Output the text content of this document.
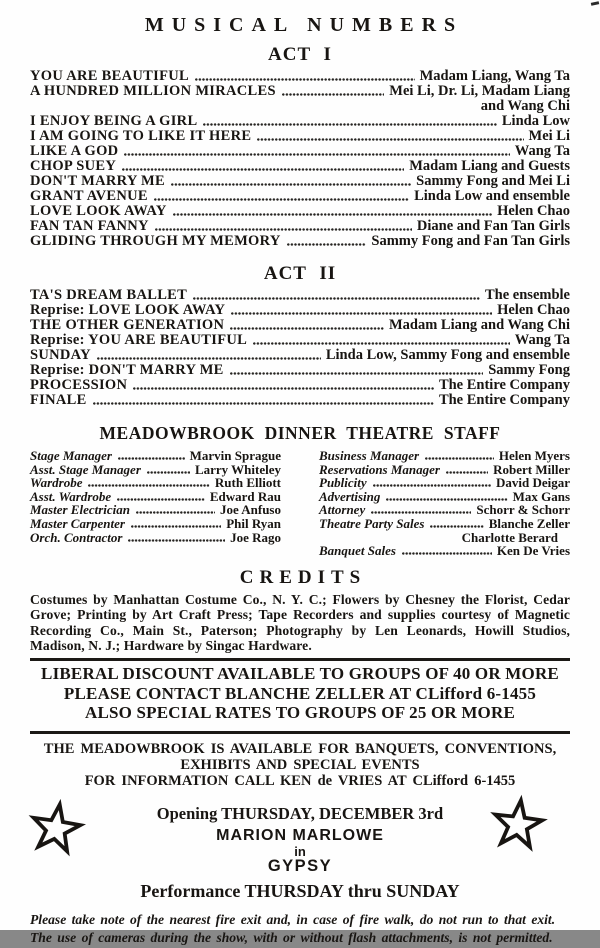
MUSICAL NUMBERS
ACT I
YOU ARE BEAUTIFUL	Madam Liang, Wang Ta
A HUNDRED MILLION MIRACLES	Mei Li, Dr. Li, Madam Liang
and Wang Chi
I ENJOY BEING A GIRL	Linda Low
I AM GOING TO LIKE IT HERE	Mei Li
LIKE A GOD	Wang Ta
CHOP SUEY	Madam Liang and Guests
DON'T MARRY ME	Sammy Fong and Mei Li
GRANT AVENUE	Linda Low and ensemble
LOVE LOOK AWAY	Helen Chao
FAN TAN FANNY	Diane and Fan Tan Girls
GLIDING THROUGH MY MEMORY	Sammy Fong and Fan Tan Girls
ACT II
TA'S DREAM BALLET	The ensemble
Reprise: LOVE LOOK AWAY	Helen Chao
THE OTHER GENERATION	Madam Liang and Wang Chi
Reprise: YOU ARE BEAUTIFUL	Wang Ta
SUNDAY	Linda Low, Sammy Fong and ensemble
Reprise: DON'T MARRY ME	Sammy Fong
PROCESSION	The Entire Company
FINALE	The Entire Company
MEADOWBROOK DINNER THEATRE STAFF
Stage Manager	Marvin Sprague
Asst. Stage Manager	Larry Whiteley
Wardrobe	Ruth Elliott
Asst. Wardrobe	Edward Rau
Master Electrician	Joe Anfuso
Master Carpenter	Phil Ryan
Orch. Contractor	Joe Rago
Business Manager	Helen Myers
Reservations Manager	Robert Miller
Publicity	David Deigar
Advertising	Max Gans
Attorney	Schorr & Schorr
Theatre Party Sales	Blanche Zeller
Charlotte Berard
Banquet Sales	Ken De Vries
CREDITS

Costumes by Manhattan Costume Co., N. Y. C.; Flowers by Chesney the Florist, Cedar Grove; Printing by Art Craft Press; Tape Recorders and supplies courtesy of Magnetic Recording Co., Main St., Paterson; Photography by Len Leonards, Howill Studios, Madison, N. J.; Hardware by Singac Hardware.

LIBERAL DISCOUNT AVAILABLE TO GROUPS OF 40 OR MORE
PLEASE CONTACT BLANCHE ZELLER AT CLifford 6-1455
ALSO SPECIAL RATES TO GROUPS OF 25 OR MORE
THE MEADOWBROOK IS AVAILABLE FOR BANQUETS, CONVENTIONS,
EXHIBITS AND SPECIAL EVENTS
FOR INFORMATION CALL KEN de VRIES AT CLifford 6-1455
Opening THURSDAY, DECEMBER 3rd
MARION MARLOWE
in
GYPSY
Performance THURSDAY thru SUNDAY
Please take note of the nearest fire exit and, in case of fire walk, do not run to that exit.
The use of cameras during the show, with or without flash attachments, is not permitted.
